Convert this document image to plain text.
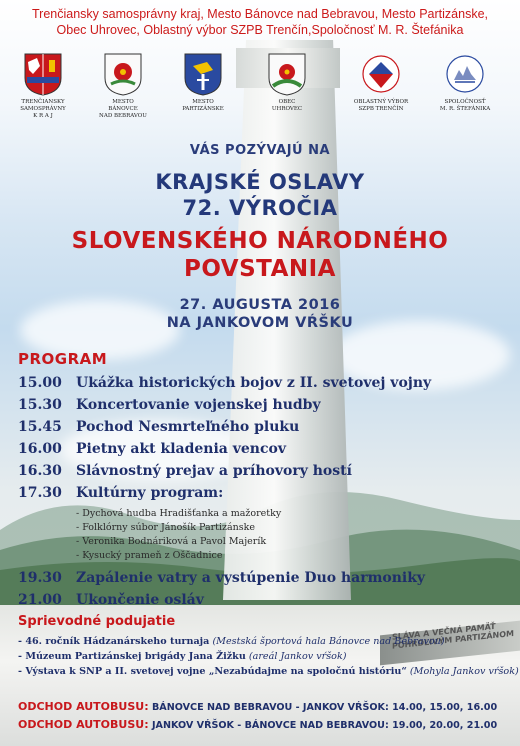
SLÁVA A VEČNÁ PAMÄŤ POHRDĽIVÝM PARTIZÁNOM
Trenčiansky samosprávny kraj, Mesto Bánovce nad Bebravou, Mesto Partizánske,
Obec Uhrovec, Oblastný výbor SZPB Trenčín,Spoločnosť M. R. Štefánika
TRENČIANSKY
SAMOSPRÁVNY
K R A J
MESTO
BÁNOVCE
NAD BEBRAVOU
MESTO
PARTIZÁNSKE
OBEC
UHROVEC
OBLASTNÝ VÝBOR
SZPB TRENČÍN
SPOLOČNOSŤ
M. R. ŠTEFÁNIKA
VÁS POZÝVAJÚ NA
KRAJSKÉ OSLAVY
72. VÝROČIA
SLOVENSKÉHO NÁRODNÉHO
POVSTANIA
27. AUGUSTA 2016
NA JANKOVOM VŔŠKU
PROGRAM
15.00	Ukážka historických bojov z II. svetovej vojny
15.30	Koncertovanie vojenskej hudby
15.45	Pochod Nesmrteľného pluku
16.00	Pietny akt kladenia vencov
16.30	Slávnostný prejav a príhovory hostí
17.30	Kultúrny program:
- Dychová hudba Hradišťanka a mažoretky
- Folklórny súbor Jánošík Partizánske
- Veronika Bodnáriková a Pavol Majerík
- Kysucký prameň z Oščadnice
19.30	Zapálenie vatry a vystúpenie Duo harmoniky
21.00	Ukončenie osláv
Sprievodné podujatie
- 46. ročník Hádzanárskeho turnaja (Mestská športová hala Bánovce nad Bebravou)
- Múzeum Partizánskej brigády Jana Žižku (areál Jankov vŕšok)
- Výstava k SNP a II. svetovej vojne „Nezabúdajme na spoločnú históriu“ (Mohyla Jankov vŕšok)
ODCHOD AUTOBUSU: BÁNOVCE NAD BEBRAVOU - JANKOV VŔŠOK: 14.00, 15.00, 16.00
ODCHOD AUTOBUSU: JANKOV VŔŠOK - BÁNOVCE NAD BEBRAVOU: 19.00, 20.00, 21.00
